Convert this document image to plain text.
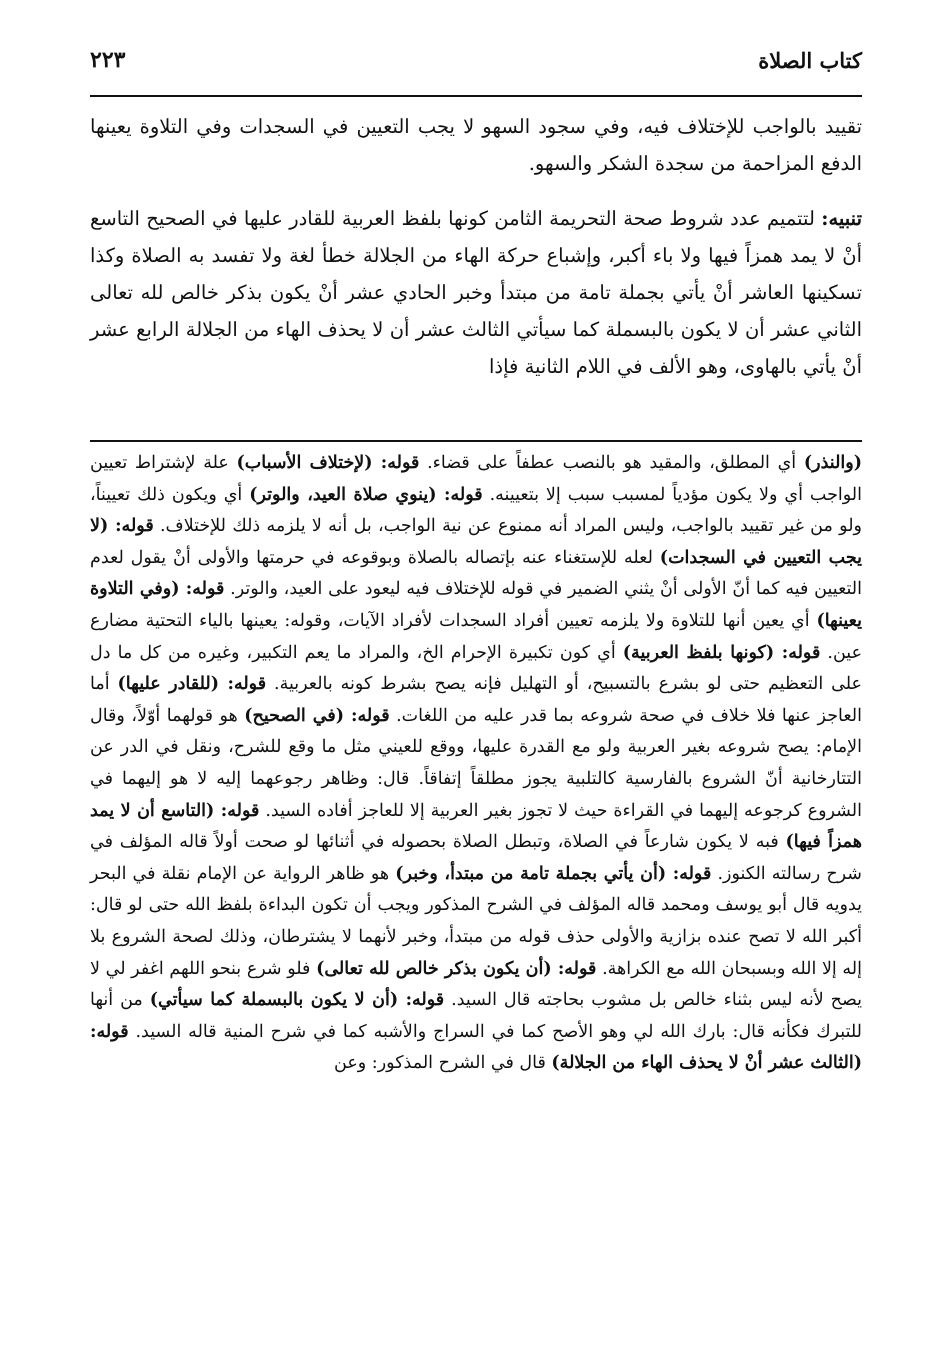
كتاب الصلاة
٢٢٣

تقييد بالواجب للإختلاف فيه، وفي سجود السهو لا يجب التعيين في السجدات وفي التلاوة يعينها الدفع المزاحمة من سجدة الشكر والسهو.

تنبيه: لتتميم عدد شروط صحة التحريمة الثامن كونها بلفظ العربية للقادر عليها في الصحيح التاسع أنْ لا يمد همزاً فيها ولا باء أكبر، وإشباع حركة الهاء من الجلالة خطأ لغة ولا تفسد به الصلاة وكذا تسكينها العاشر أنْ يأتي بجملة تامة من مبتدأ وخبر الحادي عشر أنْ يكون بذكر خالص لله تعالى الثاني عشر أن لا يكون بالبسملة كما سيأتي الثالث عشر أن لا يحذف الهاء من الجلالة الرابع عشر أنْ يأتي بالهاوى، وهو الألف في اللام الثانية فإذا

(والنذر) أي المطلق، والمقيد هو بالنصب عطفاً على قضاء. قوله: (لإختلاف الأسباب) علة لإشتراط تعيين الواجب أي ولا يكون مؤدياً لمسبب سبب إلا بتعيينه. قوله: (ينوي صلاة العيد، والوتر) أي ويكون ذلك تعييناً، ولو من غير تقييد بالواجب، وليس المراد أنه ممنوع عن نية الواجب، بل أنه لا يلزمه ذلك للإختلاف. قوله: (لا يجب التعيين في السجدات) لعله للإستغناء عنه بإتصاله بالصلاة وبوقوعه في حرمتها والأولى أنْ يقول لعدم التعيين فيه كما أنّ الأولى أنْ يثني الضمير في قوله للإختلاف فيه ليعود على العيد، والوتر. قوله: (وفي التلاوة يعينها) أي يعين أنها للتلاوة ولا يلزمه تعيين أفراد السجدات لأفراد الآيات، وقوله: يعينها بالياء التحتية مضارع عين. قوله: (كونها بلفظ العربية) أي كون تكبيرة الإحرام الخ، والمراد ما يعم التكبير، وغيره من كل ما دل على التعظيم حتى لو بشرع بالتسبيح، أو التهليل فإنه يصح بشرط كونه بالعربية. قوله: (للقادر عليها) أما العاجز عنها فلا خلاف في صحة شروعه بما قدر عليه من اللغات. قوله: (في الصحيح) هو قولهما أوّلاً، وقال الإمام: يصح شروعه بغير العربية ولو مع القدرة عليها، ووقع للعيني مثل ما وقع للشرح، ونقل في الدر عن التتارخانية أنّ الشروع بالفارسية كالتلبية يجوز مطلقاً إتفاقاً. قال: وظاهر رجوعهما إليه لا هو إليهما في الشروع كرجوعه إليهما في القراءة حيث لا تجوز بغير العربية إلا للعاجز أفاده السيد. قوله: (التاسع أن لا يمد همزاً فيها) فبه لا يكون شارعاً في الصلاة، وتبطل الصلاة بحصوله في أثنائها لو صحت أولاً قاله المؤلف في شرح رسالته الكنوز. قوله: (أن يأتي بجملة تامة من مبتدأ، وخبر) هو ظاهر الرواية عن الإمام نقلة في البحر يدويه قال أبو يوسف ومحمد قاله المؤلف في الشرح المذكور ويجب أن تكون البداءة بلفظ الله حتى لو قال: أكبر الله لا تصح عنده بزازية والأولى حذف قوله من مبتدأ، وخبر لأنهما لا يشترطان، وذلك لصحة الشروع بلا إله إلا الله وبسبحان الله مع الكراهة. قوله: (أن يكون بذكر خالص لله تعالى) فلو شرع بنحو اللهم اغفر لي لا يصح لأنه ليس بثناء خالص بل مشوب بحاجته قال السيد. قوله: (أن لا يكون بالبسملة كما سيأتي) من أنها للتبرك فكأنه قال: بارك الله لي وهو الأصح كما في السراج والأشبه كما في شرح المنية قاله السيد. قوله: (الثالث عشر أنْ لا يحذف الهاء من الجلالة) قال في الشرح المذكور: وعن
